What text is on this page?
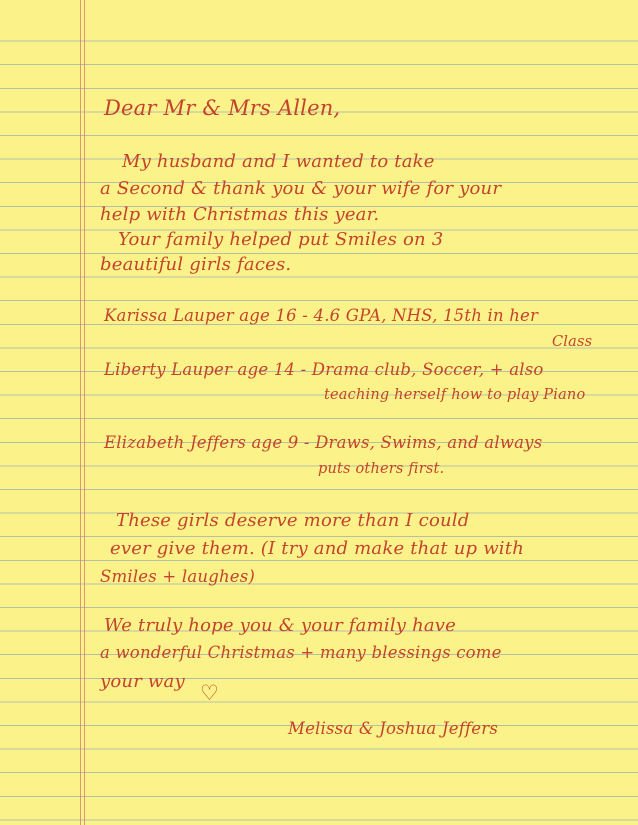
Dear Mr & Mrs Allen,
My husband and I wanted to take
a Second & thank you & your wife for your
help with Christmas this year.
Your family helped put Smiles on 3
beautiful girls faces.
Karissa Lauper age 16 - 4.6 GPA, NHS, 15th in her
Class
Liberty Lauper age 14 - Drama club, Soccer, + also
teaching herself how to play Piano
Elizabeth Jeffers age 9 - Draws, Swims, and always
puts others first.
These girls deserve more than I could
ever give them. (I try and make that up with
Smiles + laughes)
We truly hope you & your family have
a wonderful Christmas + many blessings come
your way ♡
Melissa & Joshua Jeffers
